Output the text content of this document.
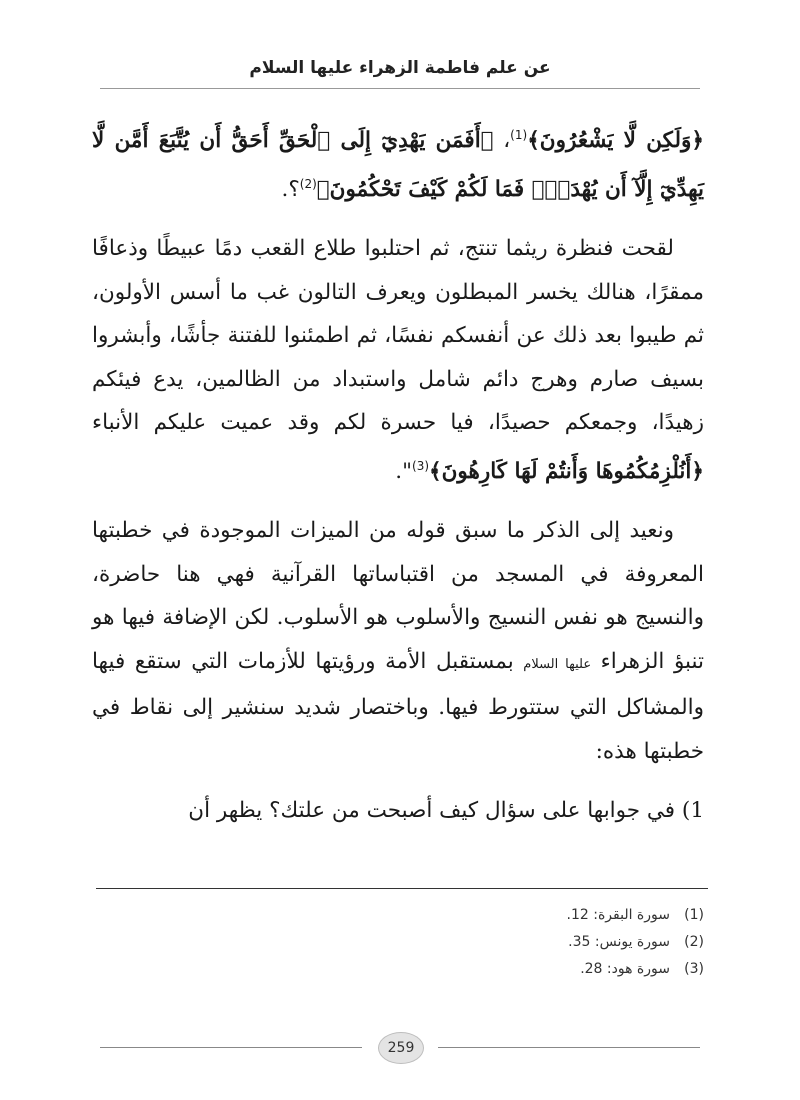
عن علم فاطمة الزهراء عليها السلام

﴿وَلَكِن لَّا يَشْعُرُونَ﴾$^{(1)}$، ﴿أَفَمَن يَهْدِيٓ إِلَى ٱلْحَقِّ أَحَقُّ أَن يُتَّبَعَ أَمَّن لَّا يَهِدِّيٓ إِلَّآ أَن يُهْدَىٰۖ فَمَا لَكُمْ كَيْفَ تَحْكُمُونَ﴾$^{(2)}$؟.

لقحت فنظرة ريثما تنتج، ثم احتلبوا طلاع القعب دمًا عبيطًا وذعافًا ممقرًا، هنالك يخسر المبطلون ويعرف التالون غب ما أسس الأولون، ثم طيبوا بعد ذلك عن أنفسكم نفسًا، ثم اطمئنوا للفتنة جأشًا، وأبشروا بسيف صارم وهرج دائم شامل واستبداد من الظالمين، يدع فيئكم زهيدًا، وجمعكم حصيدًا، فيا حسرة لكم وقد عميت عليكم الأنباء ﴿أَنُلْزِمُكُمُوهَا وَأَنتُمْ لَهَا كَارِهُونَ﴾$^{(3)}$".

ونعيد إلى الذكر ما سبق قوله من الميزات الموجودة في خطبتها المعروفة في المسجد من اقتباساتها القرآنية فهي هنا حاضرة، والنسيج هو نفس النسيج والأسلوب هو الأسلوب. لكن الإضافة فيها هو تنبؤ الزهراء عليها السلام بمستقبل الأمة ورؤيتها للأزمات التي ستقع فيها والمشاكل التي ستتورط فيها. وباختصار شديد سنشير إلى نقاط في خطبتها هذه:

1) في جوابها على سؤال كيف أصبحت من علتك؟ يظهر أن

(1)
سورة البقرة: 12.
(2)
سورة يونس: 35.
(3)
سورة هود: 28.
259
